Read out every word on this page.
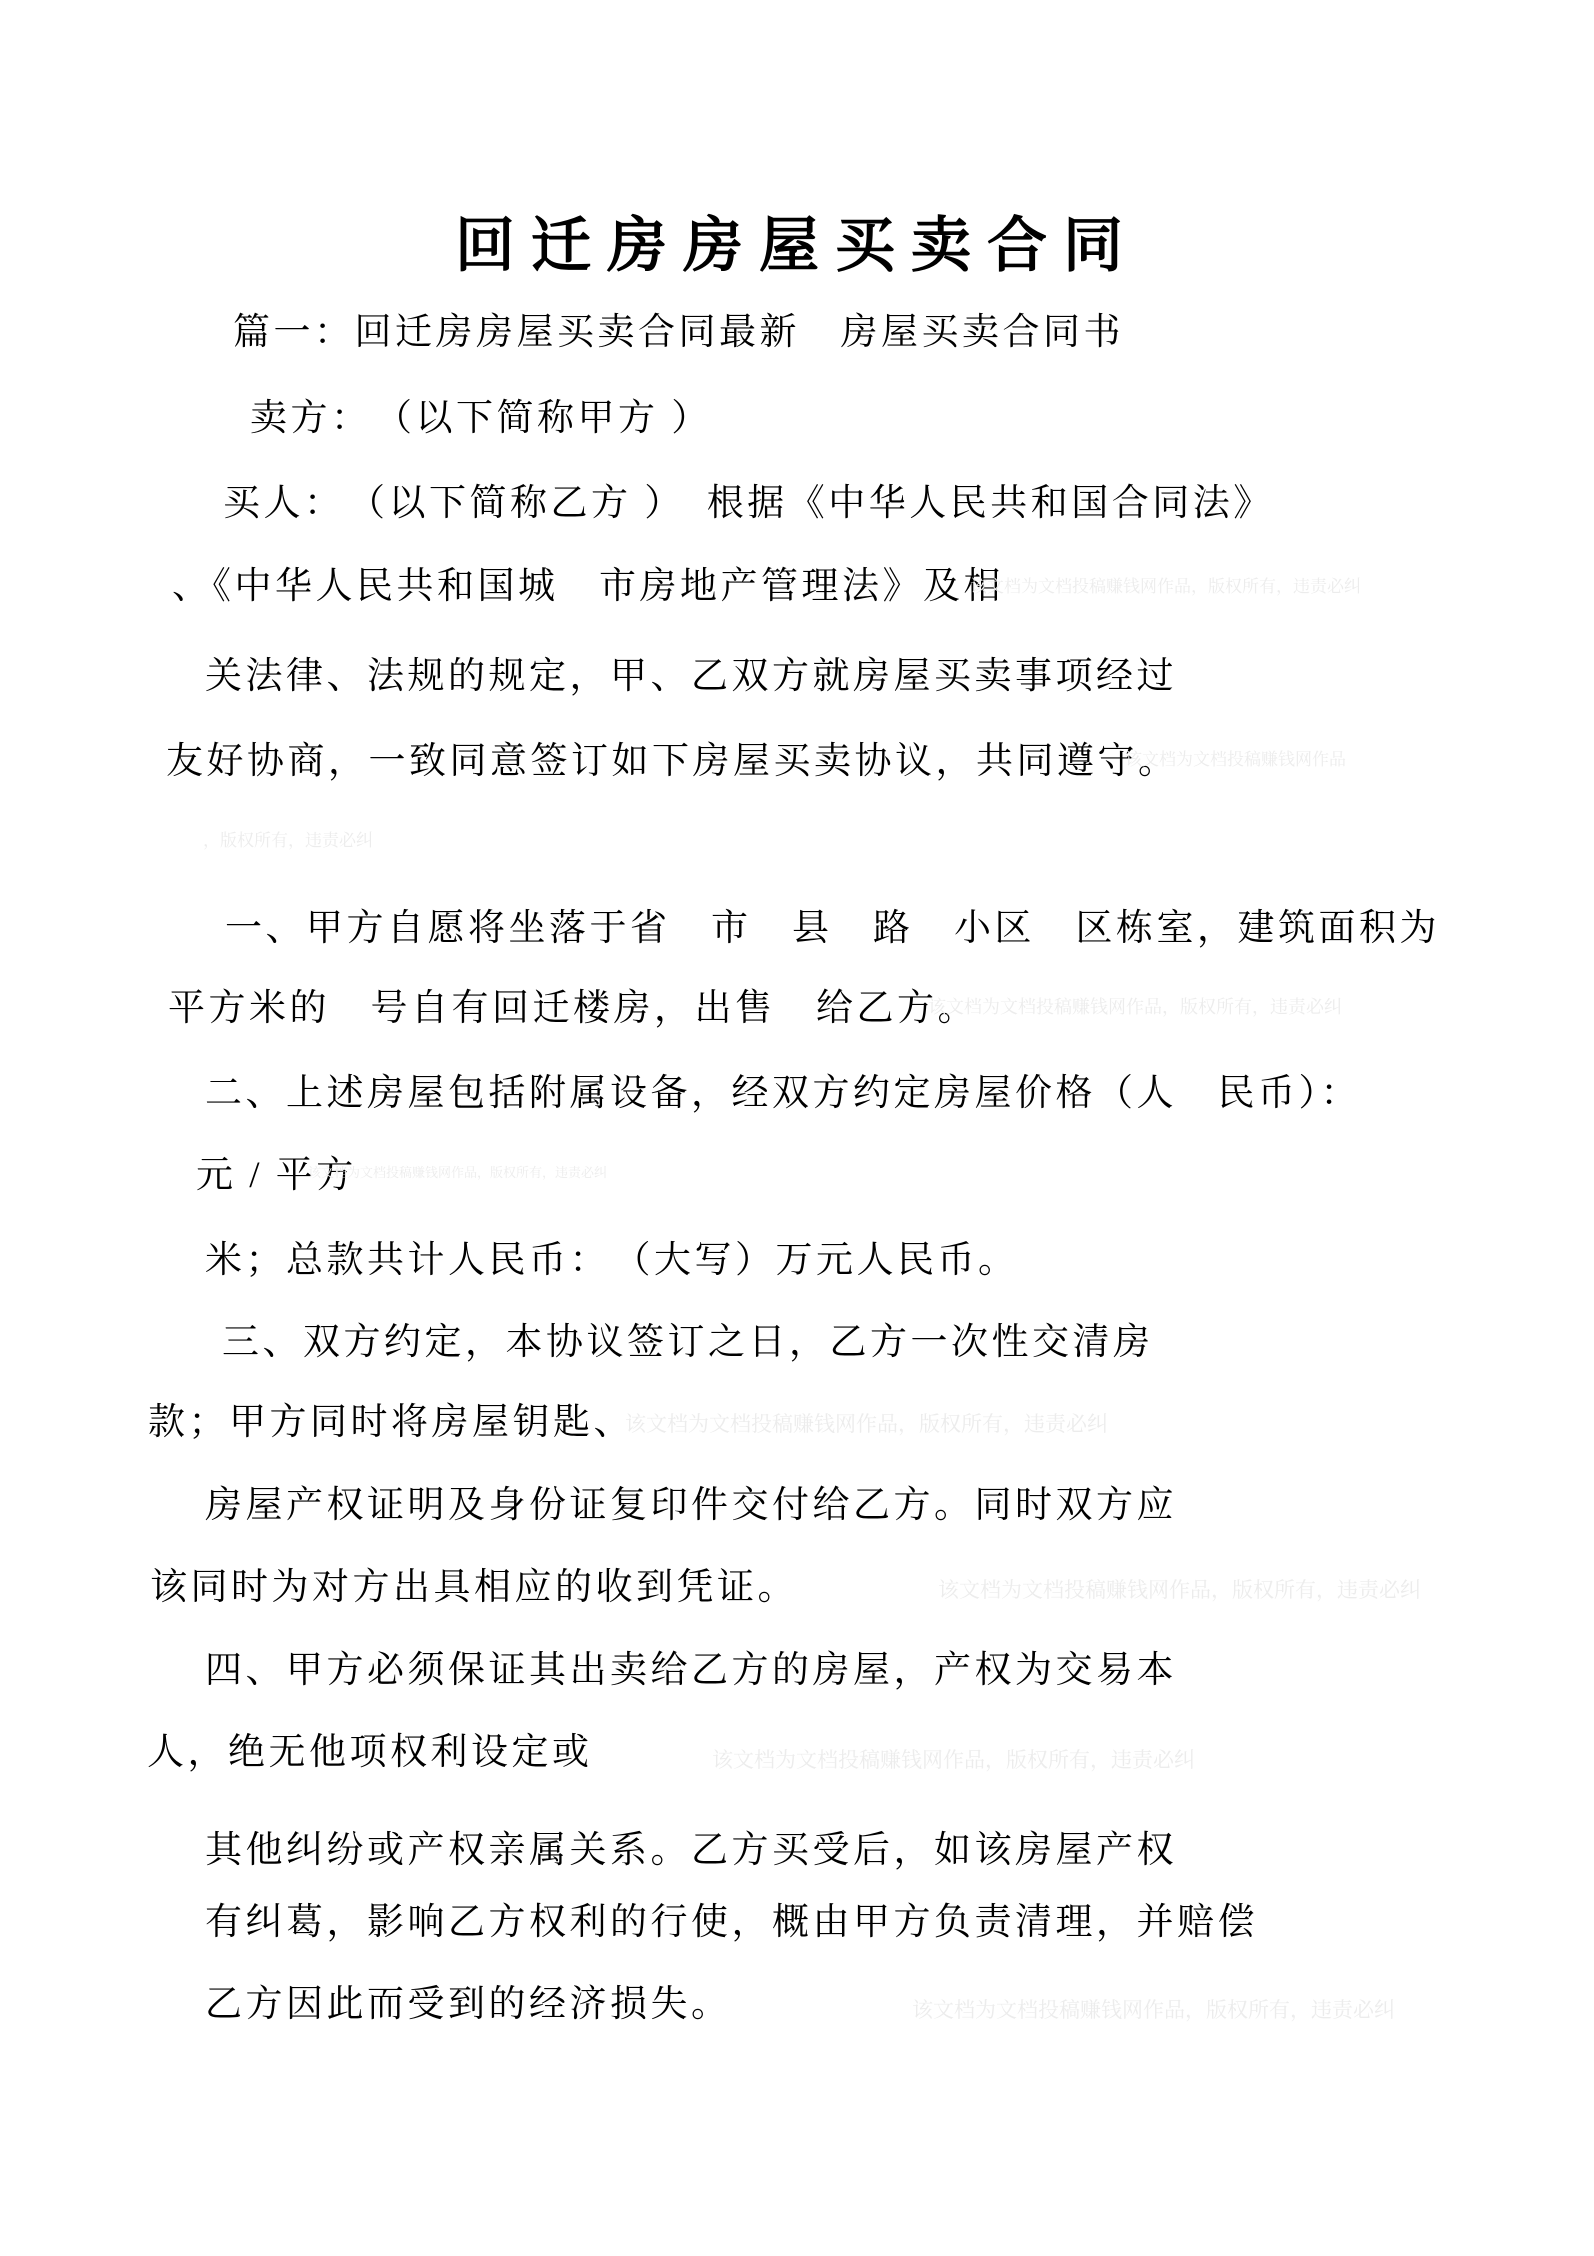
回迁房房屋买卖合同
篇一：回迁房房屋买卖合同最新　房屋买卖合同书
卖方：　（以下简称甲方 ）
买人：　（以下简称乙方 ）　根据《中华人民共和国合同法》
、《中华人民共和国城　市房地产管理法》及相
关法律、法规的规定，甲、乙双方就房屋买卖事项经过
友好协商，一致同意签订如下房屋买卖协议，共同遵守。
一、甲方自愿将坐落于省　市　县　路　小区　区栋室，建筑面积为
平方米的　号自有回迁楼房，出售　给乙方。
二、上述房屋包括附属设备，经双方约定房屋价格（人　民币）：
元 / 平方
米；总款共计人民币：　（大写）万元人民币。
三、双方约定，本协议签订之日，乙方一次性交清房
款；甲方同时将房屋钥匙、
房屋产权证明及身份证复印件交付给乙方。同时双方应
该同时为对方出具相应的收到凭证。
四、甲方必须保证其出卖给乙方的房屋，产权为交易本
人，绝无他项权利设定或
其他纠纷或产权亲属关系。乙方买受后，如该房屋产权
有纠葛，影响乙方权利的行使，概由甲方负责清理，并赔偿
乙方因此而受到的经济损失。
该文档为文档投稿赚钱网作品，版权所有，违责必纠
该文档为文档投稿赚钱网作品
，版权所有，违责必纠
该文档为文档投稿赚钱网作品，版权所有，违责必纠
该文档为文档投稿赚钱网作品，版权所有，违责必纠
该文档为文档投稿赚钱网作品，版权所有，违责必纠
该文档为文档投稿赚钱网作品，版权所有，违责必纠
该文档为文档投稿赚钱网作品，版权所有，违责必纠
该文档为文档投稿赚钱网作品，版权所有，违责必纠
